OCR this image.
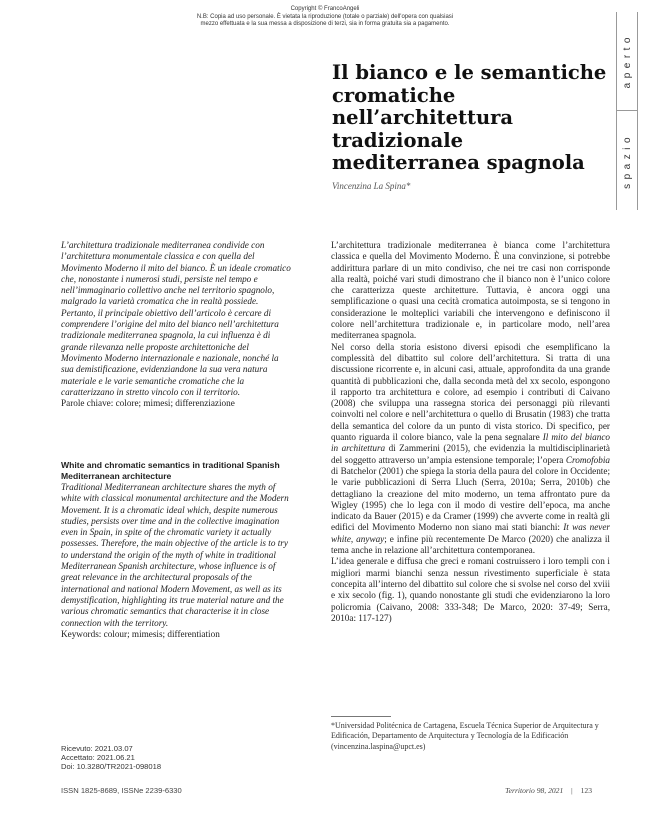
Copyright © FrancoAngeli
N.B: Copia ad uso personale. È vietata la riproduzione (totale o parziale) dell'opera con qualsiasi
mezzo effettuata e la sua messa a disposizione di terzi, sia in forma gratuita sia a pagamento.
aperto
spazio
Il bianco e le semantiche cromatiche nell’architettura tradizionale mediterranea spagnola
Vincenzina La Spina*
L’architettura tradizionale mediterranea condivide con l’architettura monumentale classica e con quella del Movimento Moderno il mito del bianco. È un ideale cromatico che, nonostante i numerosi studi, persiste nel tempo e nell’immaginario collettivo anche nel territorio spagnolo, malgrado la varietà cromatica che in realtà possiede. Pertanto, il principale obiettivo dell’articolo è cercare di comprendere l’origine del mito del bianco nell’architettura tradizionale mediterranea spagnola, la cui influenza è di grande rilevanza nelle proposte architettoniche del Movimento Moderno internazionale e nazionale, nonché la sua demistificazione, evidenziandone la sua vera natura materiale e le varie semantiche cromatiche che la caratterizzano in stretto vincolo con il territorio.
Parole chiave: colore; mimesi; differenziazione
White and chromatic semantics in traditional Spanish Mediterranean architecture
Traditional Mediterranean architecture shares the myth of white with classical monumental architecture and the Modern Movement. It is a chromatic ideal which, despite numerous studies, persists over time and in the collective imagination even in Spain, in spite of the chromatic variety it actually possesses. Therefore, the main objective of the article is to try to understand the origin of the myth of white in traditional Mediterranean Spanish architecture, whose influence is of great relevance in the architectural proposals of the international and national Modern Movement, as well as its demystification, highlighting its true material nature and the various chromatic semantics that characterise it in close connection with the territory.
Keywords: colour; mimesis; differentiation

L’architettura tradizionale mediterranea è bianca come l’architettura classica e quella del Movimento Moderno. È una convinzione, si potrebbe addirittura parlare di un mito condiviso, che nei tre casi non corrisponde alla realtà, poiché vari studi dimostrano che il bianco non è l’unico colore che caratterizza queste architetture. Tuttavia, è ancora oggi una semplificazione o quasi una cecità cromatica autoimposta, se si tengono in considerazione le molteplici variabili che intervengono e definiscono il colore nell’architettura tradizionale e, in particolare modo, nell’area mediterranea spagnola.

Nel corso della storia esistono diversi episodi che esemplificano la complessità del dibattito sul colore dell’architettura. Si tratta di una discussione ricorrente e, in alcuni casi, attuale, approfondita da una grande quantità di pubblicazioni che, dalla seconda metà del xx secolo, espongono il rapporto tra architettura e colore, ad esempio i contributi di Caivano (2008) che sviluppa una rassegna storica dei personaggi più rilevanti coinvolti nel colore e nell’architettura o quello di Brusatin (1983) che tratta della semantica del colore da un punto di vista storico. Di specifico, per quanto riguarda il colore bianco, vale la pena segnalare Il mito del bianco in architettura di Zammerini (2015), che evidenzia la multidisciplinarietà del soggetto attraverso un’ampia estensione temporale; l’opera Cromofobia di Batchelor (2001) che spiega la storia della paura del colore in Occidente; le varie pubblicazioni di Serra Lluch (Serra, 2010a; Serra, 2010b) che dettagliano la creazione del mito moderno, un tema affrontato pure da Wigley (1995) che lo lega con il modo di vestire dell’epoca, ma anche indicato da Bauer (2015) e da Cramer (1999) che avverte come in realtà gli edifici del Movimento Moderno non siano mai stati bianchi: It was never white, anyway; e infine più recentemente De Marco (2020) che analizza il tema anche in relazione all’architettura contemporanea.

L’idea generale e diffusa che greci e romani costruissero i loro templi con i migliori marmi bianchi senza nessun rivestimento superficiale è stata concepita all’interno del dibattito sul colore che si svolse nel corso del xviii e xix secolo (fig. 1), quando nonostante gli studi che evidenziarono la loro policromia (Caivano, 2008: 333-348; De Marco, 2020: 37-49; Serra, 2010a: 117-127)

*Universidad Politécnica de Cartagena, Escuela Técnica Superior de Arquitectura y Edificación, Departamento de Arquitectura y Tecnología de la Edificación (vincenzina.laspina@upct.es)
Ricevuto: 2021.03.07
Accettato: 2021.06.21
Doi: 10.3280/TR2021-098018
ISSN 1825-8689, ISSNe 2239-6330	Territorio 98, 2021 | 123
